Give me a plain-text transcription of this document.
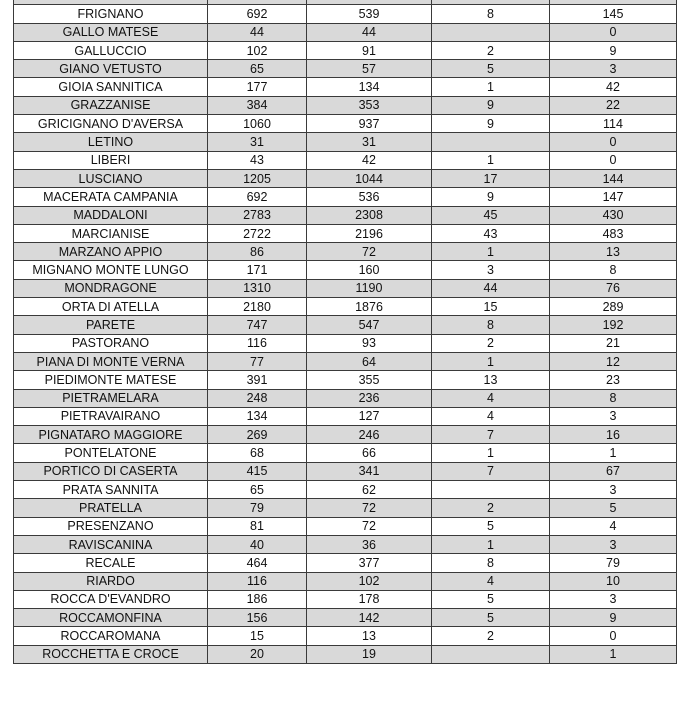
FRIGNANO	692	539	8	145
GALLO MATESE	44	44		0
GALLUCCIO	102	91	2	9
GIANO VETUSTO	65	57	5	3
GIOIA SANNITICA	177	134	1	42
GRAZZANISE	384	353	9	22
GRICIGNANO D'AVERSA	1060	937	9	114
LETINO	31	31		0
LIBERI	43	42	1	0
LUSCIANO	1205	1044	17	144
MACERATA CAMPANIA	692	536	9	147
MADDALONI	2783	2308	45	430
MARCIANISE	2722	2196	43	483
MARZANO APPIO	86	72	1	13
MIGNANO MONTE LUNGO	171	160	3	8
MONDRAGONE	1310	1190	44	76
ORTA DI ATELLA	2180	1876	15	289
PARETE	747	547	8	192
PASTORANO	116	93	2	21
PIANA DI MONTE VERNA	77	64	1	12
PIEDIMONTE MATESE	391	355	13	23
PIETRAMELARA	248	236	4	8
PIETRAVAIRANO	134	127	4	3
PIGNATARO MAGGIORE	269	246	7	16
PONTELATONE	68	66	1	1
PORTICO DI CASERTA	415	341	7	67
PRATA SANNITA	65	62		3
PRATELLA	79	72	2	5
PRESENZANO	81	72	5	4
RAVISCANINA	40	36	1	3
RECALE	464	377	8	79
RIARDO	116	102	4	10
ROCCA D'EVANDRO	186	178	5	3
ROCCAMONFINA	156	142	5	9
ROCCAROMANA	15	13	2	0
ROCCHETTA E CROCE	20	19		1
